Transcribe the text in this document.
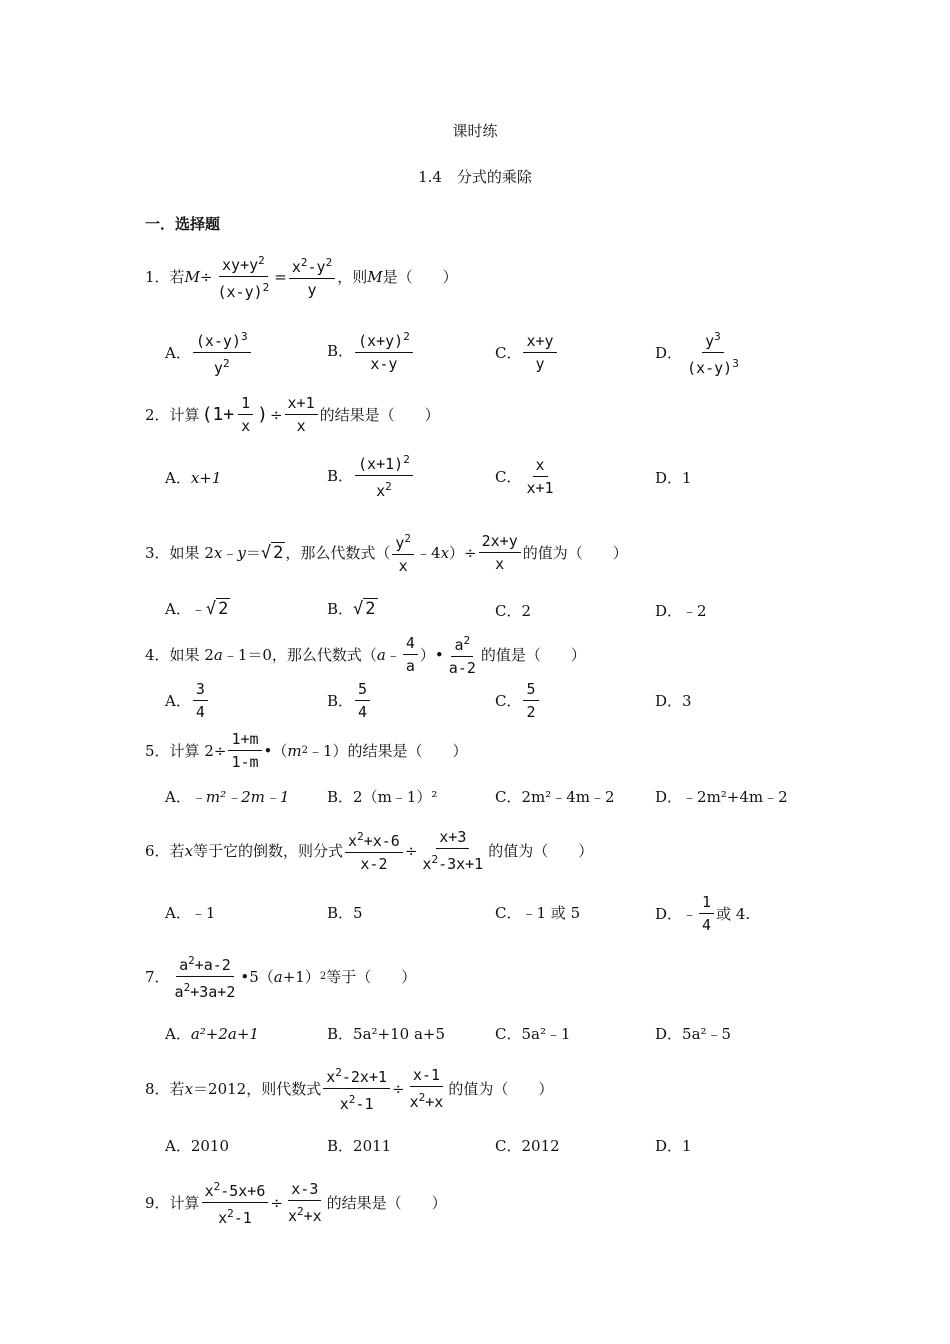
课时练
1.4　分式的乘除
一．选择题
1． 若 $M \div \frac{xy+y^2}{(x-y)^2} = \frac{x^2-y^2}{y}$ ，则 M 是（　　）
A． $\frac{(x-y)^3}{y^2}$	B． $\frac{(x+y)^2}{x-y}$	C． $\frac{x+y}{y}$	D． $\frac{y^3}{(x-y)^3}$
2． 计算 ($1+ \frac{1}{x}$ ) ÷ $\frac{x+1}{x}$ 的结果是（　　）
A． x+1	B． $\frac{(x+1)^2}{x^2}$	C． $\frac{x}{x+1}$	D． 1
3． 如果 2 x ﹣ y ＝ √ 2 ，那么代数式（ $\frac{y^2}{x}$ ﹣4 x ）÷ $\frac{2x+y}{x}$ 的值为（　　）
A． ﹣ √ 2	B． √ 2	C． 2	D． ﹣2
4． 如果 2 a ﹣1＝0，那么代数式（ a ﹣ $\frac{4}{a}$ ）• $\frac{a^2}{a-2}$ 的值是（　　）
A． $\frac{3}{4}$	B． $\frac{5}{4}$	C． $\frac{5}{2}$	D． 3
5． 计算 $2\div \frac{1+m}{1-m}$ •（ m 2 ﹣1）的结果是（　　）
A． ﹣m²﹣2m﹣1	B． 2（m﹣1）²	C． 2m²﹣4m﹣2	D． ﹣2m²+4m﹣2
6． 若 x 等于它的倒数，则分式 $\frac{x^2+x-6}{x-2} \div \frac{x+3}{x^2-3x+1}$ 的值为（　　）
A． ﹣1	B． 5	C． ﹣1 或 5	D． ﹣ $\frac{1}{4}$ 或 4.
7． $\frac{a^2+a-2}{a^2+3a+2}$ •5（ a +1） 2 等于（　　）
A． a²+2a+1	B． 5a²+10 a+5	C． 5a²﹣1	D． 5a²﹣5
8． 若 x ＝2012，则代数式 $\frac{x^2-2x+1}{x^2-1} \div \frac{x-1}{x^2+x}$ 的值为（　　）
A． 2010	B． 2011	C． 2012	D． 1
9． 计算 $\frac{x^2-5x+6}{x^2-1} \div \frac{x-3}{x^2+x}$ 的结果是（　　）
